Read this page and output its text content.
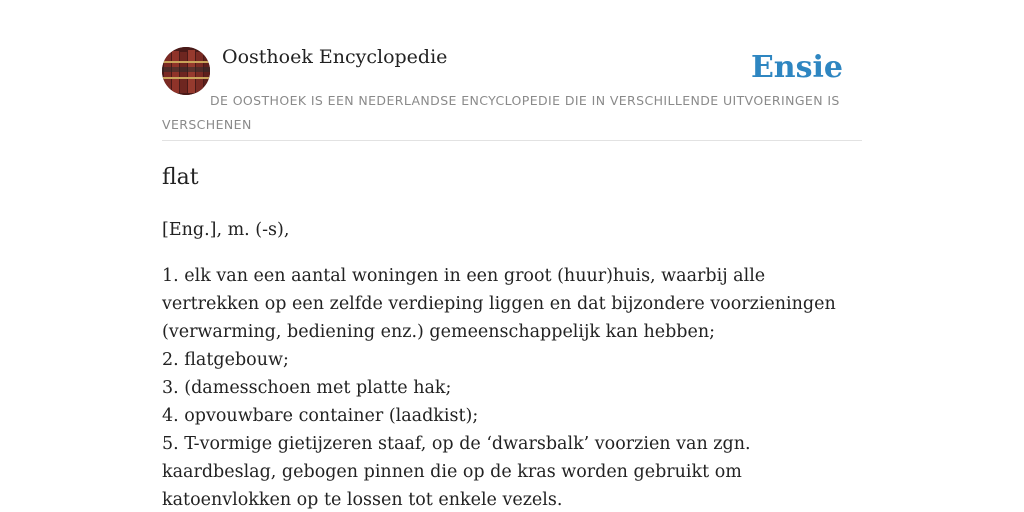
Oosthoek Encyclopedie	Ensie
DE OOSTHOEK IS EEN NEDERLANDSE ENCYCLOPEDIE DIE IN VERSCHILLENDE UITVOERINGEN IS VERSCHENEN
flat

[Eng.], m. (-s),

1. elk van een aantal woningen in een groot (huur)huis, waarbij alle vertrekken op een zelfde verdieping liggen en dat bijzondere voorzieningen (verwarming, bediening enz.) gemeenschappelijk kan hebben;
2. flatgebouw;
3. (damesschoen met platte hak;
4. opvouwbare container (laadkist);
5. T-vormige gietijzeren staaf, op de ‘dwarsbalk’ voorzien van zgn. kaardbeslag, gebogen pinnen die op de kras worden gebruikt om katoenvlokken op te lossen tot enkele vezels.
